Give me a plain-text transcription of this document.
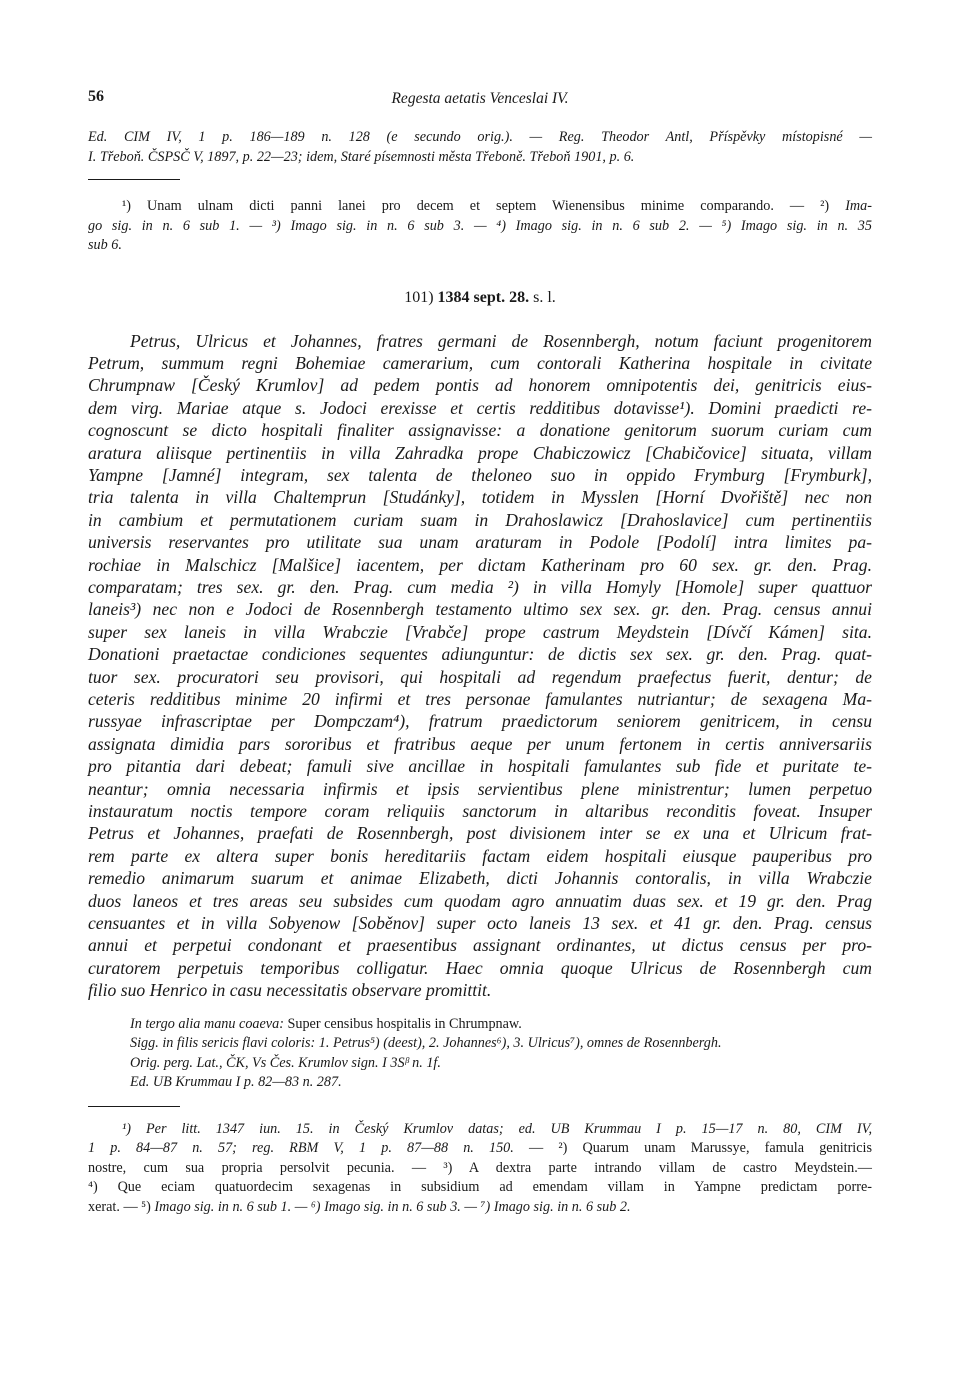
56	Regesta aetatis Venceslai IV.
Ed. CIM IV, 1 p. 186—189 n. 128 (e secundo orig.). — Reg. Theodor Antl, Příspěvky místopisné —
I. Třeboň. ČSPSČ V, 1897, p. 22—23; idem, Staré písemnosti města Třeboně. Třeboň 1901, p. 6.
¹) Unam ulnam dicti panni lanei pro decem et septem Wienensibus minime comparando. — ²) Ima-
go sig. in n. 6 sub 1. — ³) Imago sig. in n. 6 sub 3. — ⁴) Imago sig. in n. 6 sub 2. — ⁵) Imago sig. in n. 35
sub 6.
101) 1384 sept. 28. s. l.
Petrus, Ulricus et Johannes, fratres germani de Rosennbergh, notum faciunt progenitorem
Petrum, summum regni Bohemiae camerarium, cum contorali Katherina hospitale in civitate
Chrumpnaw [Český Krumlov] ad pedem pontis ad honorem omnipotentis dei, genitricis eius-
dem virg. Mariae atque s. Jodoci erexisse et certis redditibus dotavisse¹). Domini praedicti re-
cognoscunt se dicto hospitali finaliter assignavisse: a donatione genitorum suorum curiam cum
aratura aliisque pertinentiis in villa Zahradka prope Chabiczowicz [Chabičovice] situata, villam
Yampne [Jamné] integram, sex talenta de theloneo suo in oppido Frymburg [Frymburk],
tria talenta in villa Chaltemprun [Studánky], totidem in Mysslen [Horní Dvořiště] nec non
in cambium et permutationem curiam suam in Drahoslawicz [Drahoslavice] cum pertinentiis
universis reservantes pro utilitate sua unam araturam in Podole [Podolí] intra limites pa-
rochiae in Malschicz [Malšice] iacentem, per dictam Katherinam pro 60 sex. gr. den. Prag.
comparatam; tres sex. gr. den. Prag. cum media ²) in villa Homyly [Homole] super quattuor
laneis³) nec non e Jodoci de Rosennbergh testamento ultimo sex sex. gr. den. Prag. census annui
super sex laneis in villa Wrabczie [Vrabče] prope castrum Meydstein [Dívčí Kámen] sita.
Donationi praetactae condiciones sequentes adiunguntur: de dictis sex sex. gr. den. Prag. quat-
tuor sex. procuratori seu provisori, qui hospitali ad regendum praefectus fuerit, dentur; de
ceteris redditibus minime 20 infirmi et tres personae famulantes nutriantur; de sexagena Ma-
russyae infrascriptae per Dompczam⁴), fratrum praedictorum seniorem genitricem, in censu
assignata dimidia pars sororibus et fratribus aeque per unum fertonem in certis anniversariis
pro pitantia dari debeat; famuli sive ancillae in hospitali famulantes sub fide et puritate te-
neantur; omnia necessaria infirmis et ipsis servientibus plene ministrentur; lumen perpetuo
instauratum noctis tempore coram reliquiis sanctorum in altaribus reconditis foveat. Insuper
Petrus et Johannes, praefati de Rosennbergh, post divisionem inter se ex una et Ulricum frat-
rem parte ex altera super bonis hereditariis factam eidem hospitali eiusque pauperibus pro
remedio animarum suarum et animae Elizabeth, dicti Johannis contoralis, in villa Wrabczie
duos laneos et tres areas seu subsides cum quodam agro annuatim duas sex. et 19 gr. den. Prag
censuantes et in villa Sobyenow [Soběnov] super octo laneis 13 sex. et 41 gr. den. Prag. census
annui et perpetui condonant et praesentibus assignant ordinantes, ut dictus census per pro-
curatorem perpetuis temporibus colligatur. Haec omnia quoque Ulricus de Rosennbergh cum
filio suo Henrico in casu necessitatis observare promittit.
In tergo alia manu coaeva: Super censibus hospitalis in Chrumpnaw.
Sigg. in filis sericis flavi coloris: 1. Petrus⁵) (deest), 2. Johannes⁶), 3. Ulricus⁷), omnes de Rosennbergh.
Orig. perg. Lat., ČK, Vs Čes. Krumlov sign. I 3Sᵝ n. 1f.
Ed. UB Krummau I p. 82—83 n. 287.
¹) Per litt. 1347 iun. 15. in Český Krumlov datas; ed. UB Krummau I p. 15—17 n. 80, CIM IV,
1 p. 84—87 n. 57; reg. RBM V, 1 p. 87—88 n. 150. — ²) Quarum unam Marussye, famula genitricis
nostre, cum sua propria persolvit pecunia. — ³) A dextra parte intrando villam de castro Meydstein.—
⁴) Que eciam quatuordecim sexagenas in subsidium ad emendam villam in Yampne predictam porre-
xerat. — ⁵) Imago sig. in n. 6 sub 1. — ⁶) Imago sig. in n. 6 sub 3. — ⁷) Imago sig. in n. 6 sub 2.
